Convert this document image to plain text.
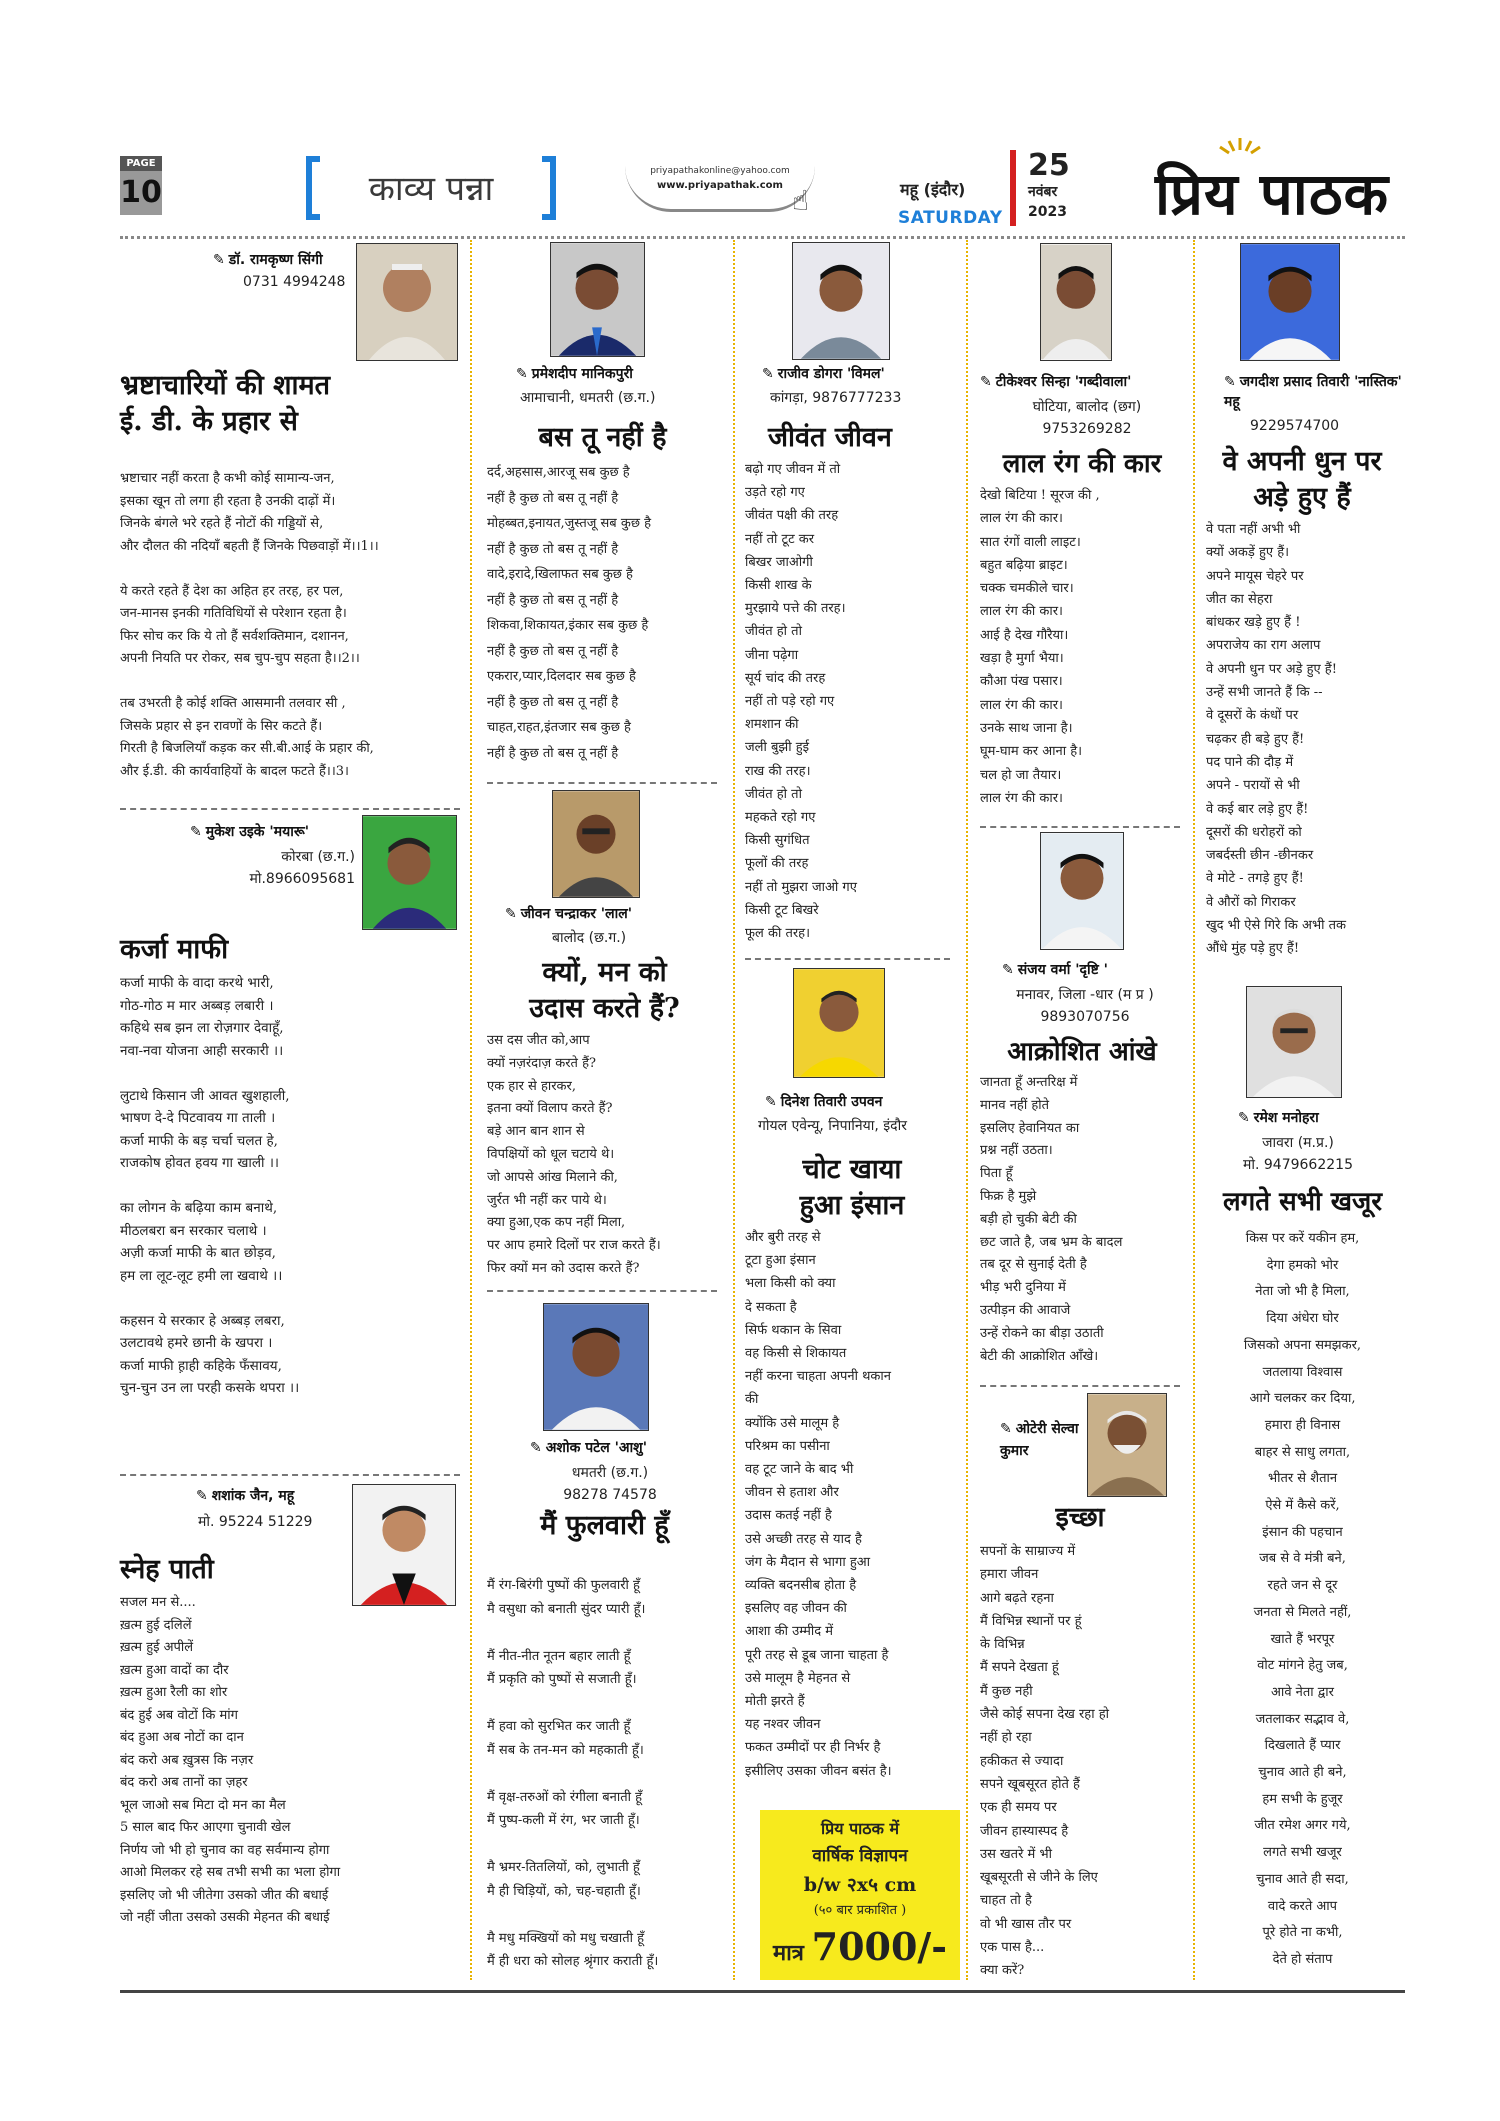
PAGE
10	काव्य पन्ना	priyapathakonline@yahoo.com
www.priyapathak.com ☝	महू (इंदौर)
SATURDAY
25
नवंबर
2023	प्रिय पाठक
✎ डॉ. रामकृष्ण सिंगी
0731 4994248
भ्रष्टाचारियों की शामत
ई. डी. के प्रहार से
भ्रष्टाचार नहीं करता है कभी कोई सामान्य-जन,
इसका खून तो लगा ही रहता है उनकी दाढ़ों में।
जिनके बंगले भरे रहते हैं नोटों की गड्डियों से,
और दौलत की नदियाँ बहती हैं जिनके पिछवाड़ों में।।1।।

ये करते रहते हैं देश का अहित हर तरह, हर पल,
जन-मानस इनकी गतिविधियों से परेशान रहता है।
फिर सोच कर कि ये तो हैं सर्वशक्तिमान, दशानन,
अपनी नियति पर रोकर, सब चुप-चुप सहता है।।2।।

तब उभरती है कोई शक्ति आसमानी तलवार सी ,
जिसके प्रहार से इन रावणों के सिर कटते हैं।
गिरती है बिजलियाँ कड़क कर सी.बी.आई के प्रहार की,
और ई.डी. की कार्यवाहियों के बादल फटते हैं।।3।
✎ मुकेश उइके 'मयारू'
कोरबा (छ.ग.)
मो.8966095681
कर्जा माफी
कर्जा माफी के वादा करथे भारी,
गोठ-गोठ म मार अब्बड़ लबारी ।
कहिथे सब झन ला रोज़गार देवाहूँ,
नवा-नवा योजना आही सरकारी ।।

लुटाथे किसान जी आवत खुशहाली,
भाषण दे-दे पिटवावय गा ताली ।
कर्जा माफी के बड़ चर्चा चलत हे,
राजकोष होवत हवय गा खाली ।।

का लोगन के बढ़िया काम बनाथे,
मीठलबरा बन सरकार चलाथे ।
अज़ी कर्जा माफी के बात छोड़व,
हम ला लूट-लूट हमी ला खवाथे ।।

कहसन ये सरकार हे अब्बड़ लबरा,
उलटावथे हमरे छानी के खपरा ।
कर्जा माफी ह़ाही कहिके फँसावय,
चुन-चुन उन ला परही कसके थपरा ।।
✎ शशांक जैन, महू
मो. 95224 51229
स्नेह पाती
सजल मन से....
ख़त्म हुई दलिलें
ख़त्म हुई अपीलें
ख़त्म हुआ वादों का दौर
ख़त्म हुआ रैली का शोर
बंद हुई अब वोटों कि मांग
बंद हुआ अब नोटों का दान
बंद करो अब ख़ुत्रस कि नज़र
बंद करो अब तानों का ज़हर
भूल जाओ सब मिटा दो मन का मैल
5 साल बाद फिर आएगा चुनावी खेल
निर्णय जो भी हो चुनाव का वह सर्वमान्य होगा
आओ मिलकर रहे सब तभी सभी का भला होगा
इसलिए जो भी जीतेगा उसको जीत की बधाई
जो नहीं जीता उसको उसकी मेहनत की बधाई
✎ प्रमेशदीप मानिकपुरी
आमाचानी, धमतरी (छ.ग.)
बस तू नहीं है
दर्द,अहसास,आरजू सब कुछ है
नहीं है कुछ तो बस तू नहीं है
मोहब्बत,इनायत,जुस्तजू सब कुछ है
नहीं है कुछ तो बस तू नहीं है
वादे,इरादे,खिलाफत सब कुछ है
नहीं है कुछ तो बस तू नहीं है
शिकवा,शिकायत,इंकार सब कुछ है
नहीं है कुछ तो बस तू नहीं है
एकरार,प्यार,दिलदार सब कुछ है
नहीं है कुछ तो बस तू नहीं है
चाहत,राहत,इंतजार सब कुछ है
नहीं है कुछ तो बस तू नहीं है
✎ जीवन चन्द्राकर 'लाल'
बालोद (छ.ग.)
क्यों, मन को
उदास करते हैं?
उस दस जीत को,आप
क्यों नज़रंदाज़ करते हैं?
एक हार से हारकर,
इतना क्यों विलाप करते हैं?
बड़े आन बान शान से
विपक्षियों को धूल चटाये थे।
जो आपसे आंख मिलाने की,
जुर्रत भी नहीं कर पाये थे।
क्या हुआ,एक कप नहीं मिला,
पर आप हमारे दिलों पर राज करते हैं।
फिर क्यों मन को उदास करते हैं?
✎ अशोक पटेल 'आशु'
धमतरी (छ.ग.)
98278 74578
मैं फुलवारी हूँ
मैं रंग-बिरंगी पुष्पों की फुलवारी हूँ
मै वसुधा को बनाती सुंदर प्यारी हूँ।

मैं नीत-नीत नूतन बहार लाती हूँ
मैं प्रकृति को पुष्पों से सजाती हूँ।

मैं हवा को सुरभित कर जाती हूँ
मैं सब के तन-मन को महकाती हूँ।

मैं वृक्ष-तरुओं को रंगीला बनाती हूँ
मैं पुष्प-कली में रंग, भर जाती हूँ।

मै भ्रमर-तितलियों, को, लुभाती हूँ
मै ही चिड़ियों, को, चह-चहाती हूँ।

मै मधु मक्खियों को मधु चखाती हूँ
मैं ही धरा को सोलह श्रृंगार कराती हूँ।
✎ राजीव डोगरा 'विमल'
कांगड़ा, 9876777233
जीवंत जीवन
बढ़ो गए जीवन में तो
उड़ते रहो गए
जीवंत पक्षी की तरह
नहीं तो टूट कर
बिखर जाओगी
किसी शाख के
मुरझाये पत्ते की तरह।
जीवंत हो तो
जीना पढ़ेगा
सूर्य चांद की तरह
नहीं तो पड़े रहो गए
शमशान की
जली बुझी हुई
राख की तरह।
जीवंत हो तो
महकते रहो गए
किसी सुगंधित
फूलों की तरह
नहीं तो मुझरा जाओ गए
किसी टूट बिखरे
फूल की तरह।
✎ दिनेश तिवारी उपवन
गोयल एवेन्यू, निपानिया, इंदौर
चोट खाया
हुआ इंसान
और बुरी तरह से
टूटा हुआ इंसान
भला किसी को क्या
दे सकता है
सिर्फ थकान के सिवा
वह किसी से शिकायत
नहीं करना चाहता अपनी थकान
की
क्योंकि उसे मालूम है
परिश्रम का पसीना
वह टूट जाने के बाद भी
जीवन से हताश और
उदास कतई नहीं है
उसे अच्छी तरह से याद है
जंग के मैदान से भागा हुआ
व्यक्ति बदनसीब होता है
इसलिए वह जीवन की
आशा की उम्मीद में
पूरी तरह से डूब जाना चाहता है
उसे मालूम है मेहनत से
मोती झरते हैं
यह नश्वर जीवन
फकत उम्मीदों पर ही निर्भर है
इसीलिए उसका जीवन बसंत है।
प्रिय पाठक में
वार्षिक विज्ञापन
b/w २x५ cm
(५० बार प्रकाशित )
मात्र 7000/-
✎ टीकेश्वर सिन्हा 'गब्दीवाला'
घोटिया, बालोद (छग)
9753269282
लाल रंग की कार
देखो बिटिया ! सूरज की ,
लाल रंग की कार।
सात रंगों वाली लाइट।
बहुत बढ़िया ब्राइट।
चक्क चमकीले चार।
लाल रंग की कार।
आई है देख गौरैया।
खड़ा है मुर्गा भैया।
कौआ पंख पसार।
लाल रंग की कार।
उनके साथ जाना है।
घूम-घाम कर आना है।
चल हो जा तैयार।
लाल रंग की कार।
✎ संजय वर्मा 'दृष्टि '
मनावर, जिला -धार (म प्र )
9893070756
आक्रोशित आंखे
जानता हूँ अन्तरिक्ष में
मानव नहीं होते
इसलिए हेवानियत का
प्रश्न नहीं उठता।
पिता हूँ
फिक्र है मुझे
बड़ी हो चुकी बेटी की
छट जाते है, जब भ्रम के बादल
तब दूर से सुनाई देती है
भीड़ भरी दुनिया में
उत्पीड़न की आवाजे
उन्हें रोकने का बीड़ा उठाती
बेटी की आक्रोशित आँखे।
✎ ओटेरी सेल्वा कुमार
इच्छा
सपनों के साम्राज्य में
हमारा जीवन
आगे बढ़ते रहना
मैं विभिन्न स्थानों पर हूं
के विभिन्न
मैं सपने देखता हूं
मैं कुछ नही
जैसे कोई सपना देख रहा हो
नहीं हो रहा
हकीकत से ज्यादा
सपने खूबसूरत होते हैं
एक ही समय पर
जीवन हास्यास्पद है
उस खतरे में भी
खूबसूरती से जीने के लिए
चाहत तो है
वो भी खास तौर पर
एक पास है...
क्या करें?
✎ जगदीश प्रसाद तिवारी 'नास्तिक' महू
9229574700
वे अपनी धुन पर
अड़े हुए हैं
वे पता नहीं अभी भी
क्यों अकड़ें हुए हैं।
अपने मायूस चेहरे पर
जीत का सेहरा
बांधकर खड़े हुए हैं !
अपराजेय का राग अलाप
वे अपनी धुन पर अड़े हुए हैं!
उन्हें सभी जानते हैं कि --
वे दूसरों के कंधों पर
चढ़कर ही बड़े हुए हैं!
पद पाने की दौड़ में
अपने - परायों से भी
वे कई बार लड़े हुए हैं!
दूसरों की धरोहरों को
जबर्दस्ती छीन -छीनकर
वे मोटे - तगड़े हुए हैं!
वे औरों को गिराकर
खुद भी ऐसे गिरे कि अभी तक
औंधे मुंह पड़े हुए हैं!
✎ रमेश मनोहरा
जावरा (म.प्र.)
मो. 9479662215
लगते सभी खजूर
किस पर करें यकीन हम,
देगा हमको भोर
नेता जो भी है मिला,
दिया अंधेरा घोर
जिसको अपना समझकर,
जतलाया विश्वास
आगे चलकर कर दिया,
हमारा ही विनास
बाहर से साधु लगता,
भीतर से शैतान
ऐसे में कैसे करें,
इंसान की पहचान
जब से वे मंत्री बने,
रहते जन से दूर
जनता से मिलते नहीं,
खाते हैं भरपूर
वोट मांगने हेतु जब,
आवे नेता द्वार
जतलाकर सद्भाव वे,
दिखलाते हैं प्यार
चुनाव आते ही बने,
हम सभी के हुजूर
जीत रमेश अगर गये,
लगते सभी खजूर
चुनाव आते ही सदा,
वादे करते आप
पूरे होते ना कभी,
देते हो संताप
